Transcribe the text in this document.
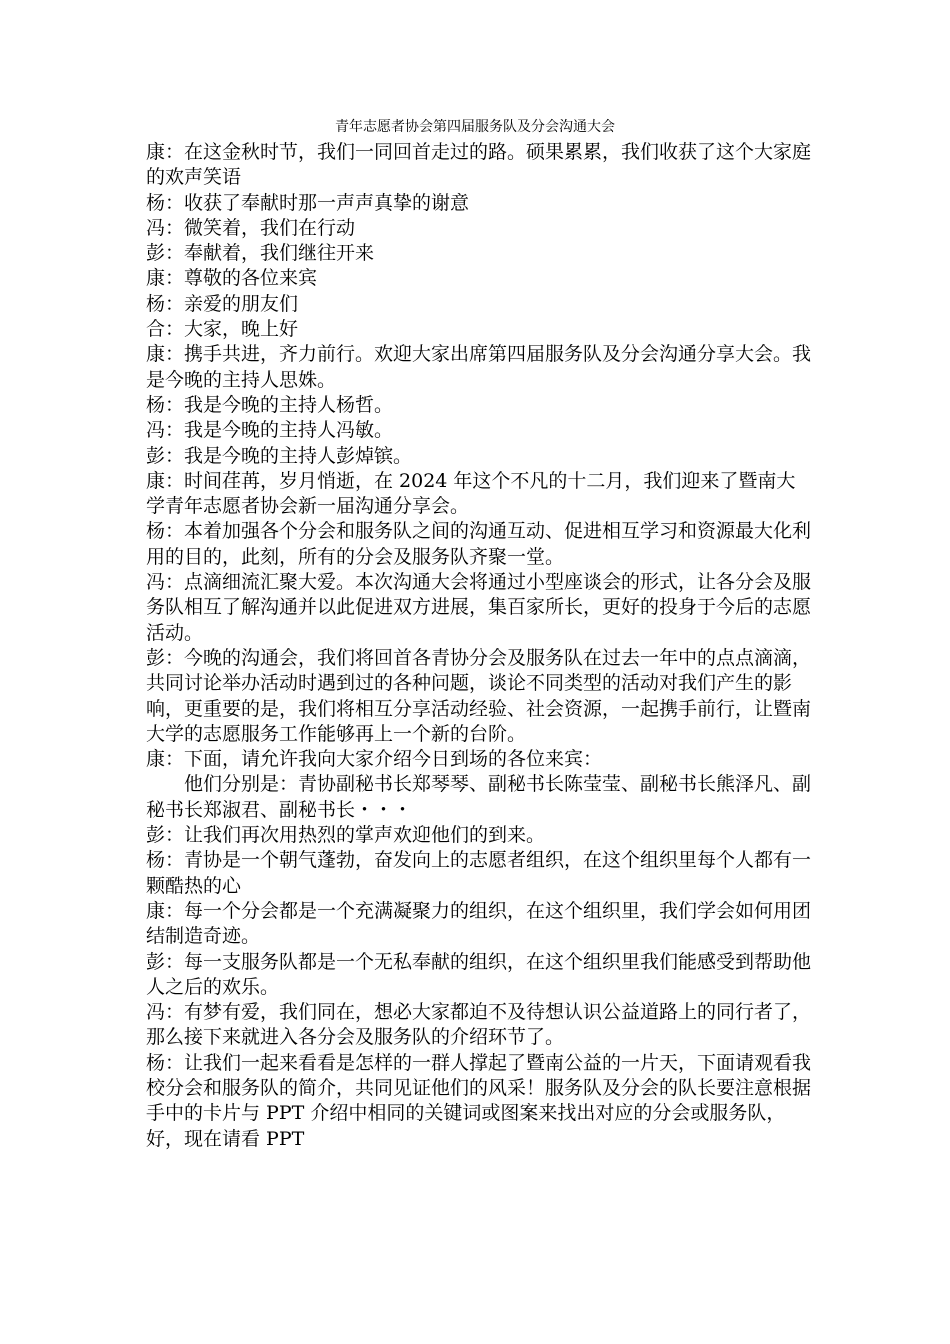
青年志愿者协会第四届服务队及分会沟通大会

康：在这金秋时节，我们一同回首走过的路。硕果累累，我们收获了这个大家庭的欢声笑语

杨：收获了奉献时那一声声真挚的谢意

冯：微笑着，我们在行动

彭：奉献着，我们继往开来

康：尊敬的各位来宾

杨：亲爱的朋友们

合：大家，晚上好

康：携手共进，齐力前行。欢迎大家出席第四届服务队及分会沟通分享大会。我是今晚的主持人思姝。

杨：我是今晚的主持人杨哲。

冯：我是今晚的主持人冯敏。

彭：我是今晚的主持人彭焯镔。

康：时间荏苒，岁月悄逝，在 2024 年这个不凡的十二月，我们迎来了暨南大学青年志愿者协会新一届沟通分享会。

杨：本着加强各个分会和服务队之间的沟通互动、促进相互学习和资源最大化利用的目的，此刻，所有的分会及服务队齐聚一堂。

冯：点滴细流汇聚大爱。本次沟通大会将通过小型座谈会的形式，让各分会及服务队相互了解沟通并以此促进双方进展，集百家所长，更好的投身于今后的志愿活动。

彭：今晚的沟通会，我们将回首各青协分会及服务队在过去一年中的点点滴滴，共同讨论举办活动时遇到过的各种问题，谈论不同类型的活动对我们产生的影响，更重要的是，我们将相互分享活动经验、社会资源，一起携手前行，让暨南大学的志愿服务工作能够再上一个新的台阶。

康：下面，请允许我向大家介绍今日到场的各位来宾：

他们分别是：青协副秘书长郑琴琴、副秘书长陈莹莹、副秘书长熊泽凡、副秘书长郑淑君、副秘书长・・・

彭：让我们再次用热烈的掌声欢迎他们的到来。

杨：青协是一个朝气蓬勃，奋发向上的志愿者组织，在这个组织里每个人都有一颗酷热的心

康：每一个分会都是一个充满凝聚力的组织，在这个组织里，我们学会如何用团结制造奇迹。

彭：每一支服务队都是一个无私奉献的组织，在这个组织里我们能感受到帮助他人之后的欢乐。

冯：有梦有爱，我们同在，想必大家都迫不及待想认识公益道路上的同行者了，那么接下来就进入各分会及服务队的介绍环节了。

杨：让我们一起来看看是怎样的一群人撑起了暨南公益的一片天，下面请观看我校分会和服务队的简介，共同见证他们的风采！服务队及分会的队长要注意根据手中的卡片与 PPT 介绍中相同的关键词或图案来找出对应的分会或服务队，好，现在请看 PPT
